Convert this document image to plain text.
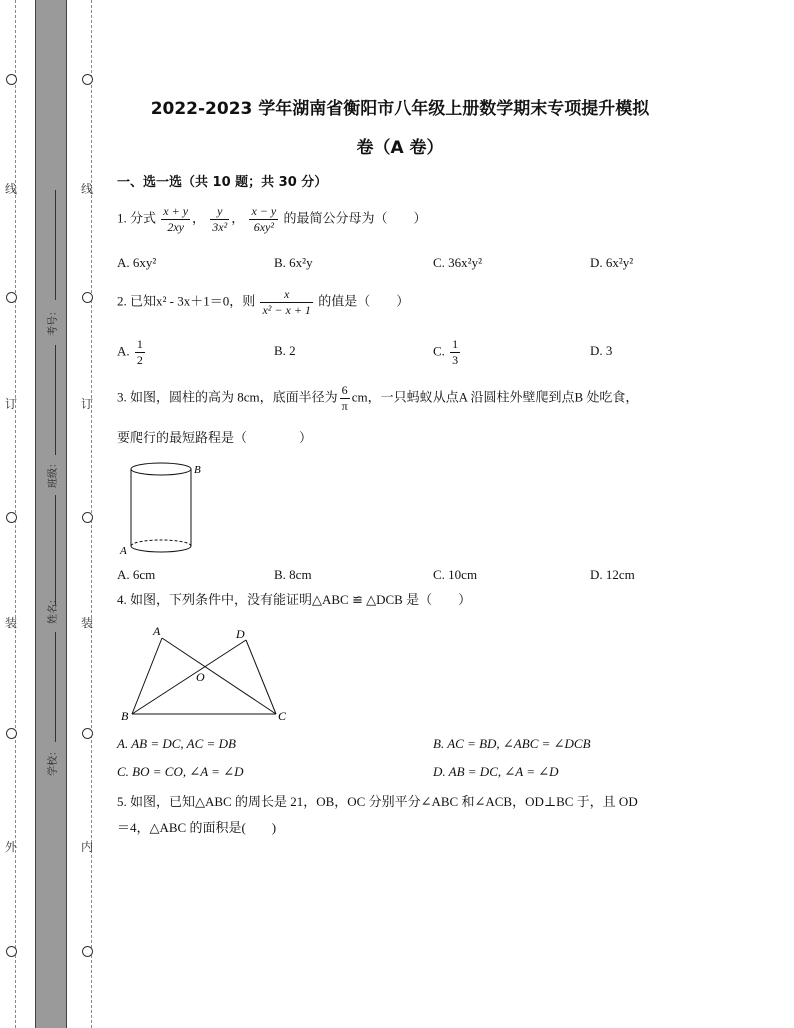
线
订
装
外
线
订
装
内
考号：
班级：
姓名：
学校：
2022-2023 学年湖南省衡阳市八年级上册数学期末专项提升模拟
卷（A 卷）
一、选一选（共 10 题；共 30 分）
1. 分式 $\frac{x + y}{2xy}$ ， $\frac{y}{\text{3x²}}$ ， $\frac{x - y}{\text{6xy²}}$ 的最简公分母为（　　）
A. 6xy²	B. 6x²y	C. 36x²y²	D. 6x²y²
2. 已知x² - 3x＋1＝0，则 $\frac{x}{\text{x² − x + 1}}$ 的值是（　　）
A. $\frac{1}{2}$	B. 2	C. $\frac{1}{3}$	D. 3
3. 如图，圆柱的高为 8cm，底面半径为 $\frac{6}{\pi}$ cm，一只蚂蚁从点A 沿圆柱外壁爬到点B 处吃食，
要爬行的最短路程是（　　　　）
B
A
A. 6cm	B. 8cm	C. 10cm	D. 12cm
4. 如图，下列条件中，没有能证明△ABC ≌ △DCB 是（　　）
A	D
O
B	C
A. AB = DC, AC = DB	B. AC = BD, ∠ABC = ∠DCB
C. BO = CO, ∠A = ∠D	D. AB = DC, ∠A = ∠D
5. 如图，已知△ABC 的周长是 21，OB，OC 分别平分∠ABC 和∠ACB，OD⊥BC 于，且 OD
＝4，△ABC 的面积是(　　)
